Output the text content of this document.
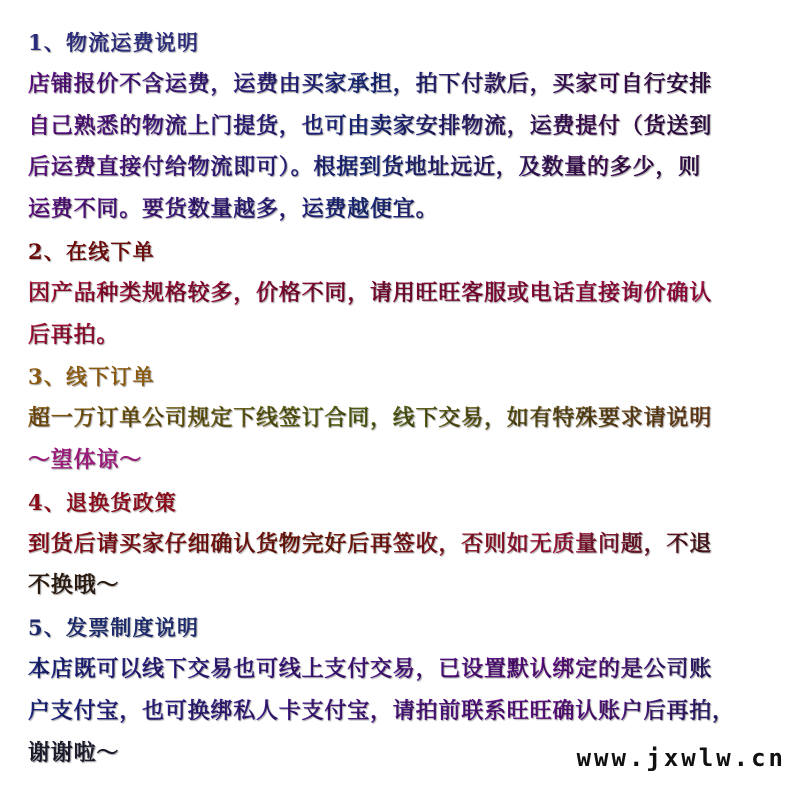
1、物流运费说明
店铺报价不含运费，运费由买家承担，拍下付款后，买家可自行安排
自己熟悉的物流上门提货，也可由卖家安排物流，运费提付（货送到
后运费直接付给物流即可）。根据到货地址远近，及数量的多少，则
运费不同。要货数量越多，运费越便宜。
2、在线下单
因产品种类规格较多，价格不同，请用旺旺客服或电话直接询价确认
后再拍。
3、线下订单
超一万订单公司规定下线签订合同，线下交易，如有特殊要求请说明
～望体谅～
4、退换货政策
到货后请买家仔细确认货物完好后再签收，否则如无质量问题，不退
不换哦～
5、发票制度说明
本店既可以线下交易也可线上支付交易，已设置默认绑定的是公司账
户支付宝，也可换绑私人卡支付宝，请拍前联系旺旺确认账户后再拍，
谢谢啦～	www.jxwlw.cn
